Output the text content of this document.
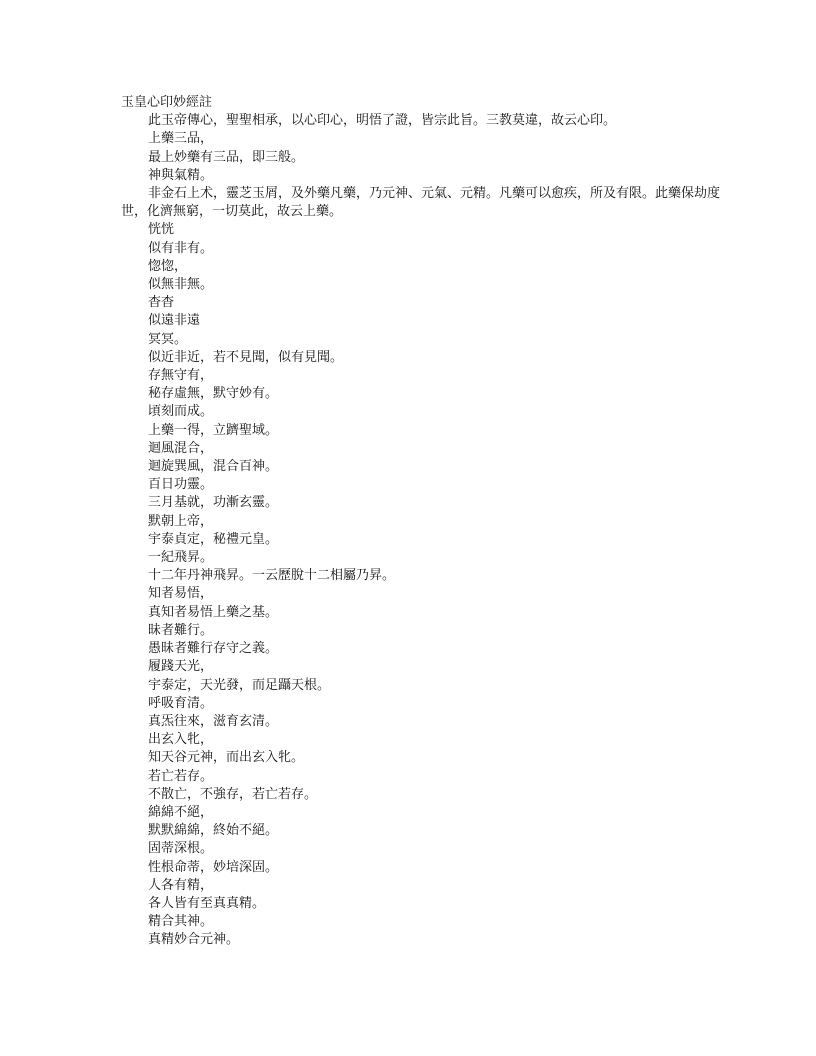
玉皇心印妙經註

此玉帝傳心，聖聖相承，以心印心，明悟了證，皆宗此旨。三教莫違，故云心印。

上藥三品，

最上妙藥有三品，即三般。

神與氣精。

非金石上术，靈芝玉屑，及外藥凡藥，乃元神、元氣、元精。凡藥可以愈疾，所及有限。此藥保劫度世，化濟無窮，一切莫此，故云上藥。

恍恍

似有非有。

惚惚，

似無非無。

杳杳

似遠非遠

冥冥。

似近非近，若不見聞，似有見聞。

存無守有，

秘存虛無，默守妙有。

頃刻而成。

上藥一得，立躋聖域。

迴風混合，

迴旋巽風，混合百神。

百日功靈。

三月基就，功漸玄靈。

默朝上帝，

宇泰貞定，秘禮元皇。

一紀飛昇。

十二年丹神飛昇。一云歷脫十二相屬乃昇。

知者易悟，

真知者易悟上藥之基。

昧者難行。

愚昧者難行存守之義。

履踐天光，

宇泰定，天光發，而足躡天根。

呼吸育清。

真炁往來，滋育玄清。

出玄入牝，

知天谷元神，而出玄入牝。

若亡若存。

不散亡，不強存，若亡若存。

綿綿不絕，

默默綿綿，終始不絕。

固蒂深根。

性根命蒂，妙培深固。

人各有精，

各人皆有至真真精。

精合其神。

真精妙合元神。
